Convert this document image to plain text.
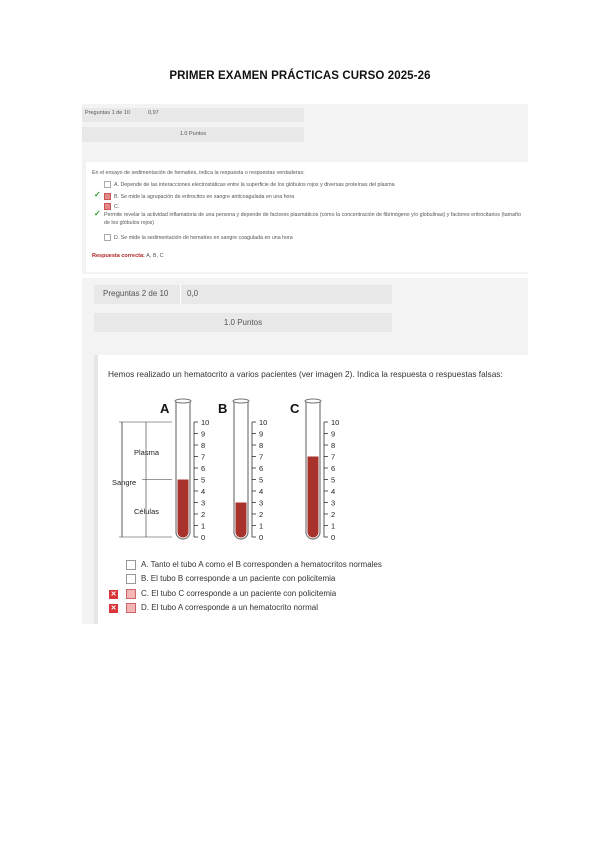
PRIMER EXAMEN PRÁCTICAS CURSO 2025-26
Preguntas 1 de 10	0,97
1.0 Puntos
En el ensayo de sedimentación de hematíes, indica la respuesta o respuestas verdaderas:
A. Depende de las interacciones electrostáticas entre la superficie de los glóbulos rojos y diversas proteínas del plasma
✓	B. Se mide la agrupación de eritrocitos en sangre anticoagulada en una hora
C.
✓ Permite revelar la actividad inflamatoria de una persona y depende de factores plasmáticos (como la concentración de fibrinógeno y/o globulinas) y factores eritrocitarios (tamaño de los glóbulos rojos)
D. Se mide la sedimentación de hematíes en sangre coagulada en una hora
Respuesta correcta: A, B, C
Preguntas 2 de 10 0,0
1.0 Puntos
Hemos realizado un hematocrito a varios pacientes (ver imagen 2). Indica la respuesta o respuestas falsas:
A
10
9
8
7
6
5
4
3
2
1
0
B
10
9
8
7
6
5
4
3
2
1
0
C
10
9
8
7
6
5
4
3
2
1
0
Plasma
Sangre
Células
A. Tanto el tubo A como el B corresponden a hematocritos normales
B. El tubo B corresponde a un paciente con policitemia
✕	C. El tubo C corresponde a un paciente con policitemia
✕	D. El tubo A corresponde a un hematocrito normal
